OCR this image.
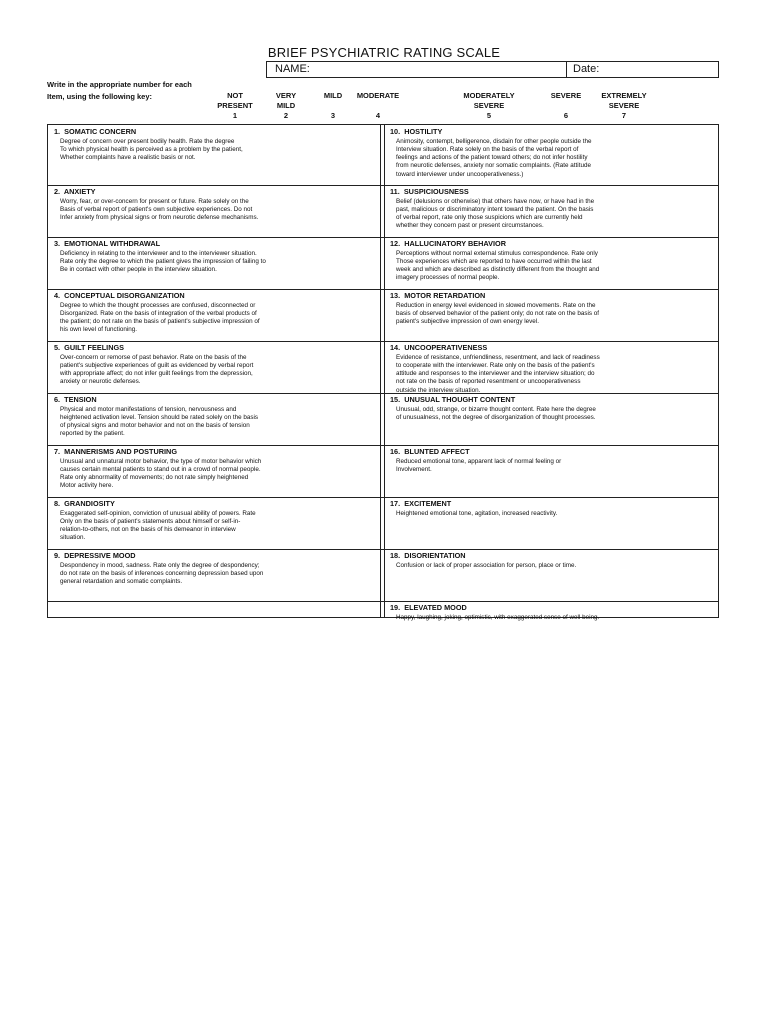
BRIEF PSYCHIATRIC RATING SCALE
NAME:	Date:
Write in the appropriate number for each
Item, using the following key:	NOT
PRESENT
1
VERY
MILD
2
MILD

3
MODERATE

4
MODERATELY
SEVERE
5
SEVERE

6
EXTREMELY
SEVERE
7
1. SOMATIC CONCERN
Degree of concern over present bodily health. Rate the degree
To which physical health is perceived as a problem by the patient,
Whether complaints have a realistic basis or not.
2. ANXIETY
Worry, fear, or over-concern for present or future. Rate solely on the
Basis of verbal report of patient's own subjective experiences. Do not
Infer anxiety from physical signs or from neurotic defense mechanisms.
3. EMOTIONAL WITHDRAWAL
Deficiency in relating to the interviewer and to the interviewer situation.
Rate only the degree to which the patient gives the impression of failing to
Be in contact with other people in the interview situation.
4. CONCEPTUAL DISORGANIZATION
Degree to which the thought processes are confused, disconnected or
Disorganized. Rate on the basis of integration of the verbal products of
the patient; do not rate on the basis of patient's subjective impression of
his own level of functioning.
5. GUILT FEELINGS
Over-concern or remorse of past behavior. Rate on the basis of the
patient's subjective experiences of guilt as evidenced by verbal report
with appropriate affect; do not infer guilt feelings from the depression,
anxiety or neurotic defenses.
6. TENSION
Physical and motor manifestations of tension, nervousness and
heightened activation level. Tension should be rated solely on the basis
of physical signs and motor behavior and not on the basis of tension
reported by the patient.
7. MANNERISMS AND POSTURING
Unusual and unnatural motor behavior, the type of motor behavior which
causes certain mental patients to stand out in a crowd of normal people.
Rate only abnormality of movements; do not rate simply heightened
Motor activity here.
8. GRANDIOSITY
Exaggerated self-opinion, conviction of unusual ability of powers. Rate
Only on the basis of patient's statements about himself or self-in-
relation-to-others, not on the basis of his demeanor in interview
situation.
9. DEPRESSIVE MOOD
Despondency in mood, sadness. Rate only the degree of despondency;
do not rate on the basis of inferences concerning depression based upon
general retardation and somatic complaints.
10. HOSTILITY
Animosity, contempt, belligerence, disdain for other people outside the
Interview situation. Rate solely on the basis of the verbal report of
feelings and actions of the patient toward others; do not infer hostility
from neurotic defenses, anxiety nor somatic complaints. (Rate attitude
toward interviewer under uncooperativeness.)
11. SUSPICIOUSNESS
Belief (delusions or otherwise) that others have now, or have had in the
past, malicious or discriminatory intent toward the patient. On the basis
of verbal report, rate only those suspicions which are currently held
whether they concern past or present circumstances.
12. HALLUCINATORY BEHAVIOR
Perceptions without normal external stimulus correspondence. Rate only
Those experiences which are reported to have occurred within the last
week and which are described as distinctly different from the thought and
imagery processes of normal people.
13. MOTOR RETARDATION
Reduction in energy level evidenced in slowed movements. Rate on the
basis of observed behavior of the patient only; do not rate on the basis of
patient's subjective impression of own energy level.
14. UNCOOPERATIVENESS
Evidence of resistance, unfriendliness, resentment, and lack of readiness
to cooperate with the interviewer. Rate only on the basis of the patient's
attitude and responses to the interviewer and the interview situation; do
not rate on the basis of reported resentment or uncooperativeness
outside the interview situation.
15. UNUSUAL THOUGHT CONTENT
Unusual, odd, strange, or bizarre thought content. Rate here the degree
of unusualness, not the degree of disorganization of thought processes.
16. BLUNTED AFFECT
Reduced emotional tone, apparent lack of normal feeling or
Involvement.
17. EXCITEMENT
Heightened emotional tone, agitation, increased reactivity.
18. DISORIENTATION
Confusion or lack of proper association for person, place or time.
19. ELEVATED MOOD
Happy, laughing, joking, optimistic, with exaggerated sense of well being.
